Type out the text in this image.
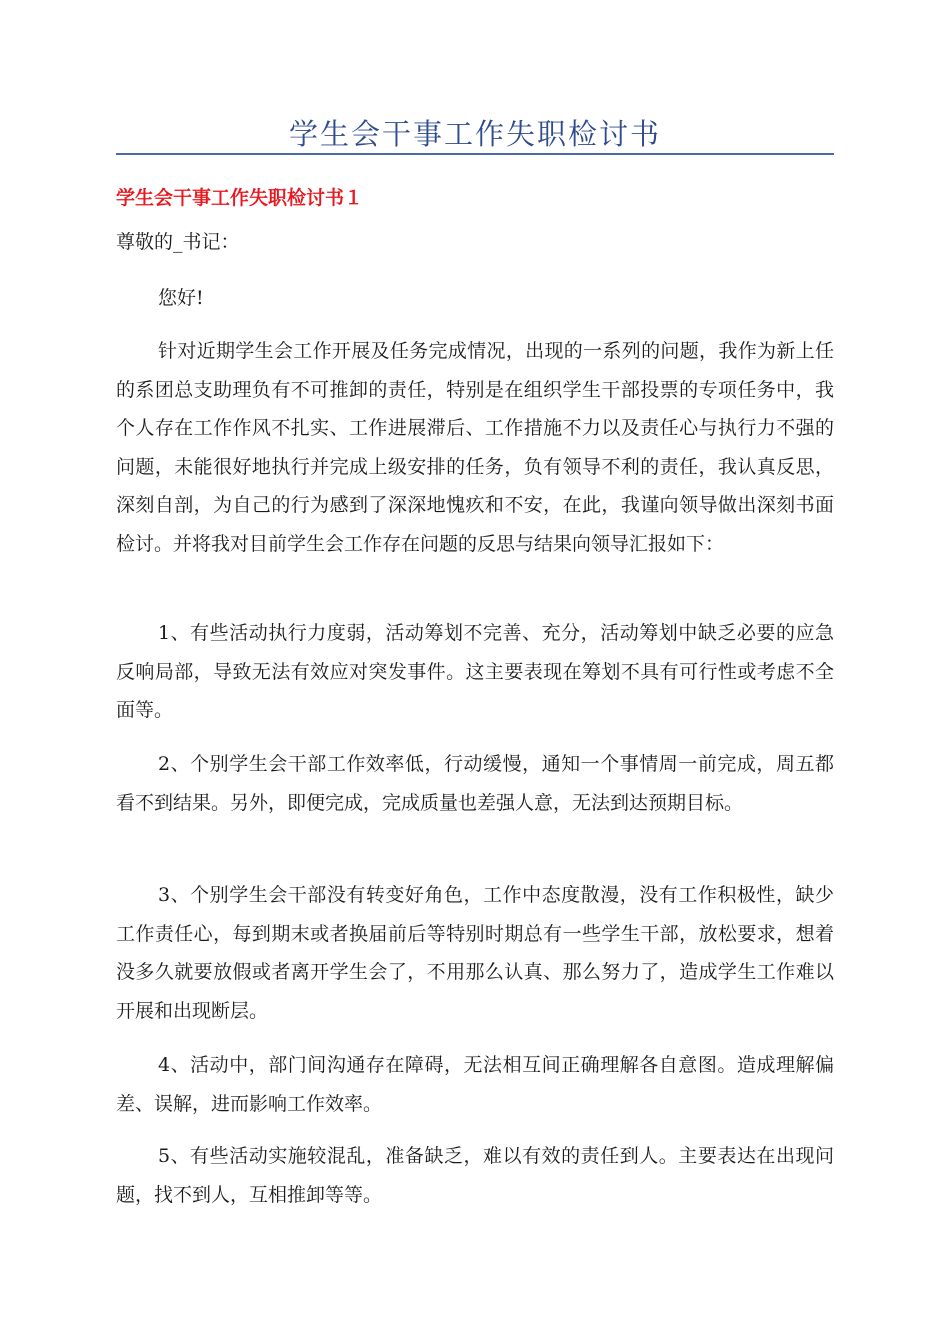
学生会干事工作失职检讨书
学生会干事工作失职检讨书１
尊敬的_书记：
您好!

针对近期学生会工作开展及任务完成情况，出现的一系列的问题，我作为新上任的系团总支助理负有不可推卸的责任，特别是在组织学生干部投票的专项任务中，我个人存在工作作风不扎实、工作进展滞后、工作措施不力以及责任心与执行力不强的问题，未能很好地执行并完成上级安排的任务，负有领导不利的责任，我认真反思，深刻自剖，为自己的行为感到了深深地愧疚和不安，在此，我谨向领导做出深刻书面检讨。并将我对目前学生会工作存在问题的反思与结果向领导汇报如下：

1、有些活动执行力度弱，活动筹划不完善、充分，活动筹划中缺乏必要的应急反响局部，导致无法有效应对突发事件。这主要表现在筹划不具有可行性或考虑不全面等。

2、个别学生会干部工作效率低，行动缓慢，通知一个事情周一前完成，周五都看不到结果。另外，即便完成，完成质量也差强人意，无法到达预期目标。

3、个别学生会干部没有转变好角色，工作中态度散漫，没有工作积极性，缺少工作责任心，每到期末或者换届前后等特别时期总有一些学生干部，放松要求，想着没多久就要放假或者离开学生会了，不用那么认真、那么努力了，造成学生工作难以开展和出现断层。

4、活动中，部门间沟通存在障碍，无法相互间正确理解各自意图。造成理解偏差、误解，进而影响工作效率。

5、有些活动实施较混乱，准备缺乏，难以有效的责任到人。主要表达在出现问题，找不到人，互相推卸等等。
